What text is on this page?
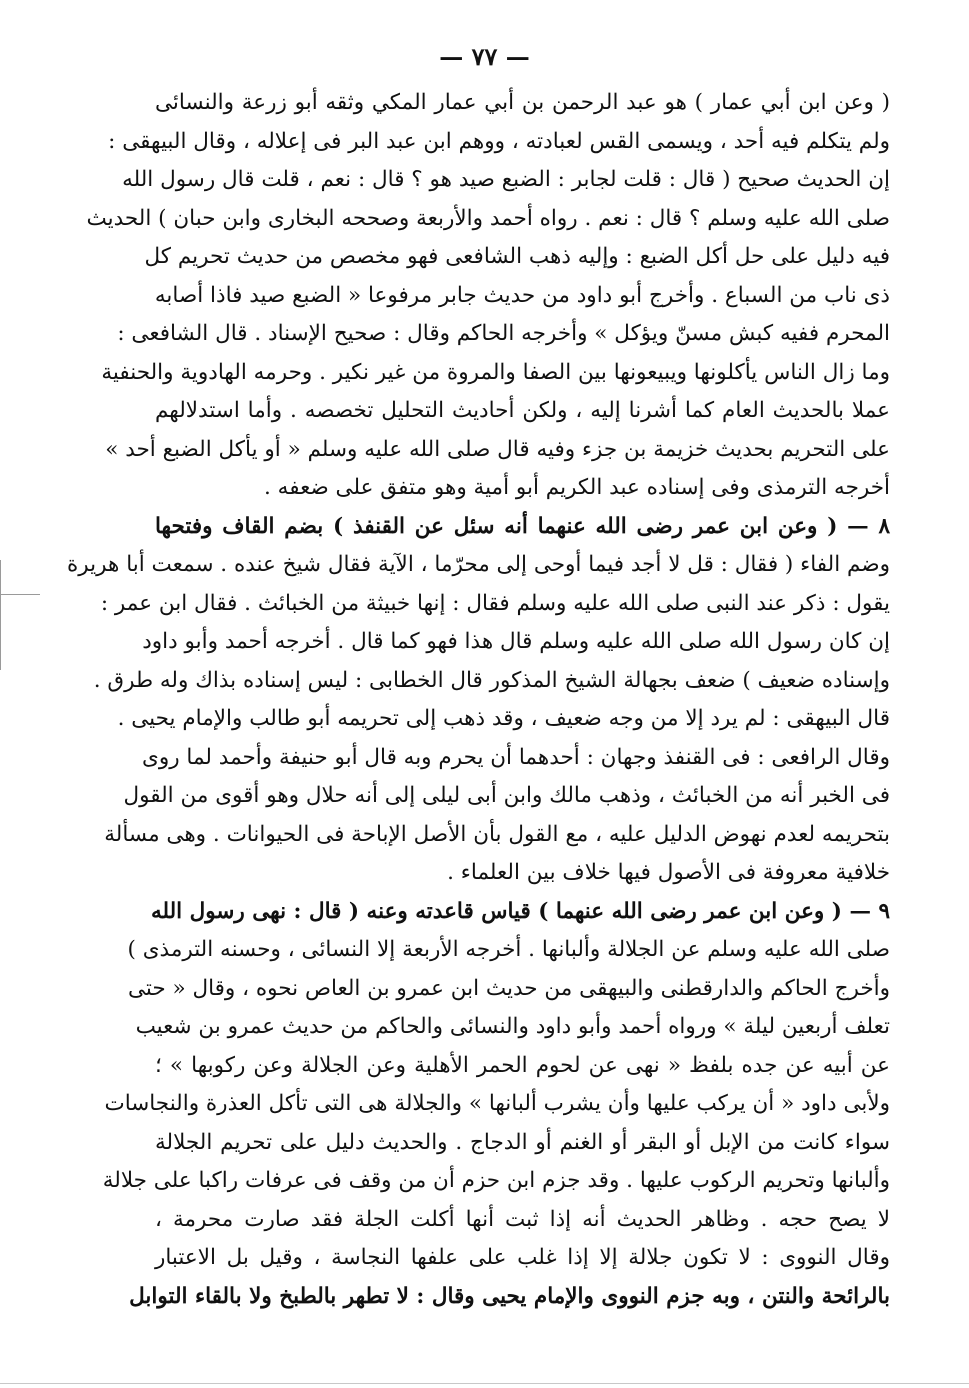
— ٧٧ —
( وعن ابن أبي عمار ) هو عبد الرحمن بن أبي عمار المكي وثقه أبو زرعة والنسائى
ولم يتكلم فيه أحد ، ويسمى القس لعبادته ، ووهم ابن عبد البر فى إعلاله ، وقال البيهقى :
إن الحديث صحيح ( قال : قلت لجابر : الضبع صيد هو ؟ قال : نعم ، قلت قال رسول الله
صلى الله عليه وسلم ؟ قال : نعم . رواه أحمد والأربعة وصححه البخارى وابن حبان ) الحديث
فيه دليل على حل أكل الضبع : وإليه ذهب الشافعى فهو مخصص من حديث تحريم كل
ذى ناب من السباع . وأخرج أبو داود من حديث جابر مرفوعا « الضبع صيد فاذا أصابه
المحرم ففيه كبش مسنّ ويؤكل » وأخرجه الحاكم وقال : صحيح الإسناد . قال الشافعى :
وما زال الناس يأكلونها ويبيعونها بين الصفا والمروة من غير نكير . وحرمه الهادوية والحنفية
عملا بالحديث العام كما أشرنا إليه ، ولكن أحاديث التحليل تخصصه . وأما استدلالهم
على التحريم بحديث خزيمة بن جزء وفيه قال صلى الله عليه وسلم « أو يأكل الضبع أحد »
أخرجه الترمذى وفى إسناده عبد الكريم أبو أمية وهو متفق على ضعفه .
٨ — ( وعن ابن عمر رضى الله عنهما أنه سئل عن القنفذ ) بضم القاف وفتحها
وضم الفاء ( فقال : قل لا أجد فيما أوحى إلى محرّما ، الآية فقال شيخ عنده . سمعت أبا هريرة
يقول : ذكر عند النبى صلى الله عليه وسلم فقال : إنها خبيثة من الخبائث . فقال ابن عمر :
إن كان رسول الله صلى الله عليه وسلم قال هذا فهو كما قال . أخرجه أحمد وأبو داود
وإسناده ضعيف ) ضعف بجهالة الشيخ المذكور قال الخطابى : ليس إسناده بذاك وله طرق .
قال البيهقى : لم يرد إلا من وجه ضعيف ، وقد ذهب إلى تحريمه أبو طالب والإمام يحيى .
وقال الرافعى : فى القنفذ وجهان : أحدهما أن يحرم وبه قال أبو حنيفة وأحمد لما روى
فى الخبر أنه من الخبائث ، وذهب مالك وابن أبى ليلى إلى أنه حلال وهو أقوى من القول
بتحريمه لعدم نهوض الدليل عليه ، مع القول بأن الأصل الإباحة فى الحيوانات . وهى مسألة
خلافية معروفة فى الأصول فيها خلاف بين العلماء .
٩ — ( وعن ابن عمر رضى الله عنهما ) قياس قاعدته وعنه ( قال : نهى رسول الله
صلى الله عليه وسلم عن الجلالة وألبانها . أخرجه الأربعة إلا النسائى ، وحسنه الترمذى )
وأخرج الحاكم والدارقطنى والبيهقى من حديث ابن عمرو بن العاص نحوه ، وقال « حتى
تعلف أربعين ليلة » ورواه أحمد وأبو داود والنسائى والحاكم من حديث عمرو بن شعيب
عن أبيه عن جده بلفظ « نهى عن لحوم الحمر الأهلية وعن الجلالة وعن ركوبها » ؛
ولأبى داود « أن يركب عليها وأن يشرب ألبانها » والجلالة هى التى تأكل العذرة والنجاسات
سواء كانت من الإبل أو البقر أو الغنم أو الدجاج . والحديث دليل على تحريم الجلالة
وألبانها وتحريم الركوب عليها . وقد جزم ابن حزم أن من وقف فى عرفات راكبا على جلالة
لا يصح حجه . وظاهر الحديث أنه إذا ثبت أنها أكلت الجلة فقد صارت محرمة ،
وقال النووى : لا تكون جلالة إلا إذا غلب على علفها النجاسة ، وقيل بل الاعتبار
بالرائحة والنتن ، وبه جزم النووى والإمام يحيى وقال : لا تطهر بالطبخ ولا بالقاء التوابل
